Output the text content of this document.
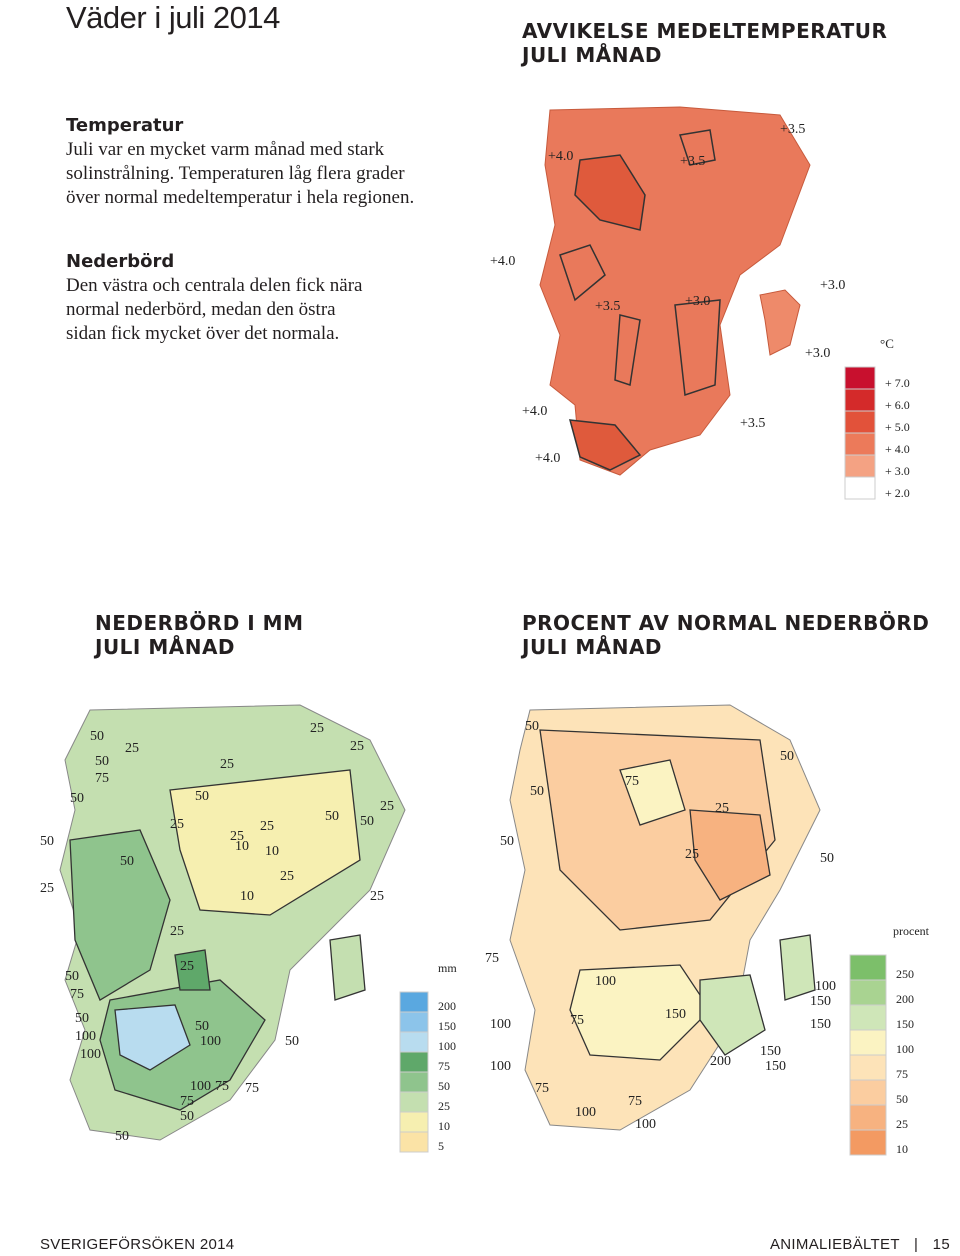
Väder i juli 2014	AVVIKELSE MEDELTEMPERATUR
JULI MÅNAD
Temperatur
Juli var en mycket varm månad med stark
solinstrålning. Temperaturen låg flera grader
över normal medeltemperatur i hela regionen.
Nederbörd
Den västra och centrala delen fick nära
normal nederbörd, medan den östra
sidan fick mycket över det normala.	°C
+ 7.0
+ 6.0
+ 5.0
+ 4.0
+ 3.0
+ 2.0
+4.0	+3.5
+3.5
+4.0
+3.5	+3.0
+3.0
+3.0
+4.0
+3.5
+4.0
NEDERBÖRD I MM
JULI MÅNAD
PROCENT AV NORMAL NEDERBÖRD
JULI MÅNAD
mm
200
150
100
75
50
25
10
5
50
25
25
50
75
25
25
50	50
50
25	25
50
25
50
25
10 10
25
10
50
25
25
25
25
50
75
50
100
100
50
100	50
100 75 75
75
50
50
procent
250
200
150
100
75
50
25
10
50
75
50
50
25
25	50
50
75
100
75
100
150
100	200 150
150
75
100
100
150
150
100
75
SVERIGEFÖRSÖKEN 2014	ANIMALIEBÄLTET | 15
